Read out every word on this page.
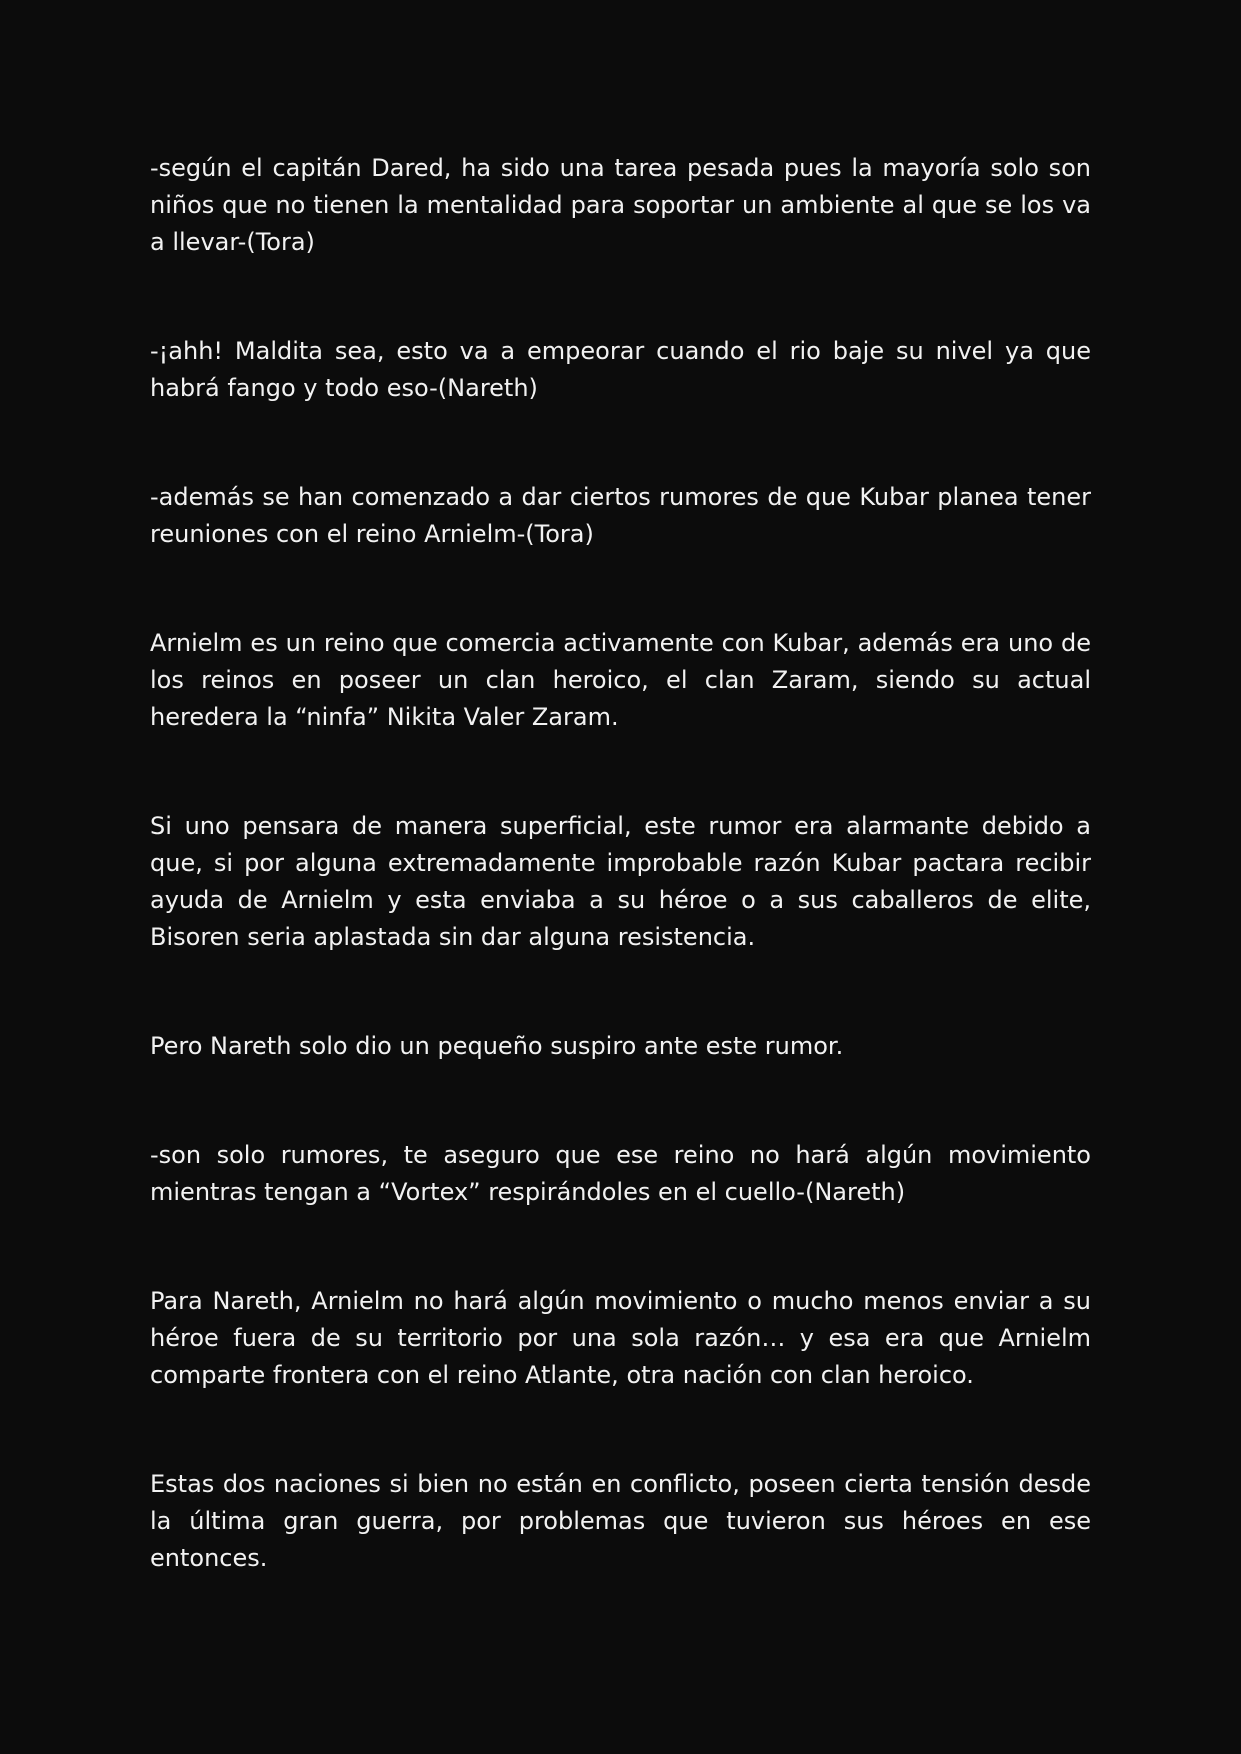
-según el capitán Dared, ha sido una tarea pesada pues la mayoría solo son niños que no tienen la mentalidad para soportar un ambiente al que se los va a llevar-(Tora)

-¡ahh! Maldita sea, esto va a empeorar cuando el rio baje su nivel ya que habrá fango y todo eso-(Nareth)

-además se han comenzado a dar ciertos rumores de que Kubar planea tener reuniones con el reino Arnielm-(Tora)

Arnielm es un reino que comercia activamente con Kubar, además era uno de los reinos en poseer un clan heroico, el clan Zaram, siendo su actual heredera la “ninfa” Nikita Valer Zaram.

Si uno pensara de manera superficial, este rumor era alarmante debido a que, si por alguna extremadamente improbable razón Kubar pactara recibir ayuda de Arnielm y esta enviaba a su héroe o a sus caballeros de elite, Bisoren seria aplastada sin dar alguna resistencia.

Pero Nareth solo dio un pequeño suspiro ante este rumor.

-son solo rumores, te aseguro que ese reino no hará algún movimiento mientras tengan a “Vortex” respirándoles en el cuello-(Nareth)

Para Nareth, Arnielm no hará algún movimiento o mucho menos enviar a su héroe fuera de su territorio por una sola razón… y esa era que Arnielm comparte frontera con el reino Atlante, otra nación con clan heroico.

Estas dos naciones si bien no están en conflicto, poseen cierta tensión desde la última gran guerra, por problemas que tuvieron sus héroes en ese entonces.
